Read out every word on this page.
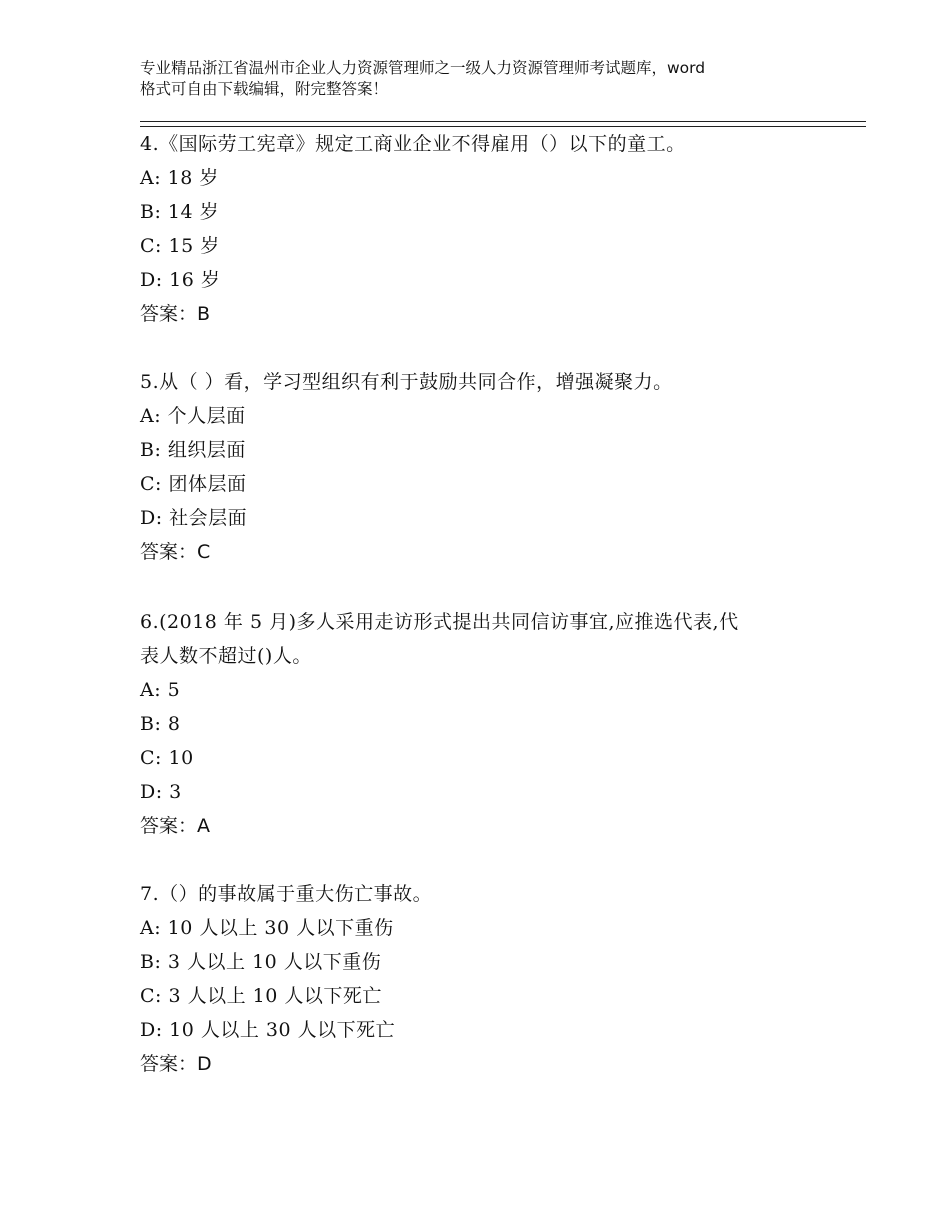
专业精品浙江省温州市企业人力资源管理师之一级人力资源管理师考试题库，word
格式可自由下载编辑，附完整答案！
4.《国际劳工宪章》规定工商业企业不得雇用（）以下的童工。
A: 18 岁
B: 14 岁
C: 15 岁
D: 16 岁
答案：B
5.从（ ）看，学习型组织有利于鼓励共同合作，增强凝聚力。
A: 个人层面
B: 组织层面
C: 团体层面
D: 社会层面
答案：C
6.(2018 年 5 月)多人采用走访形式提出共同信访事宜,应推选代表,代
表人数不超过()人。
A: 5
B: 8
C: 10
D: 3
答案：A
7.（）的事故属于重大伤亡事故。
A: 10 人以上 30 人以下重伤
B: 3 人以上 10 人以下重伤
C: 3 人以上 10 人以下死亡
D: 10 人以上 30 人以下死亡
答案：D
